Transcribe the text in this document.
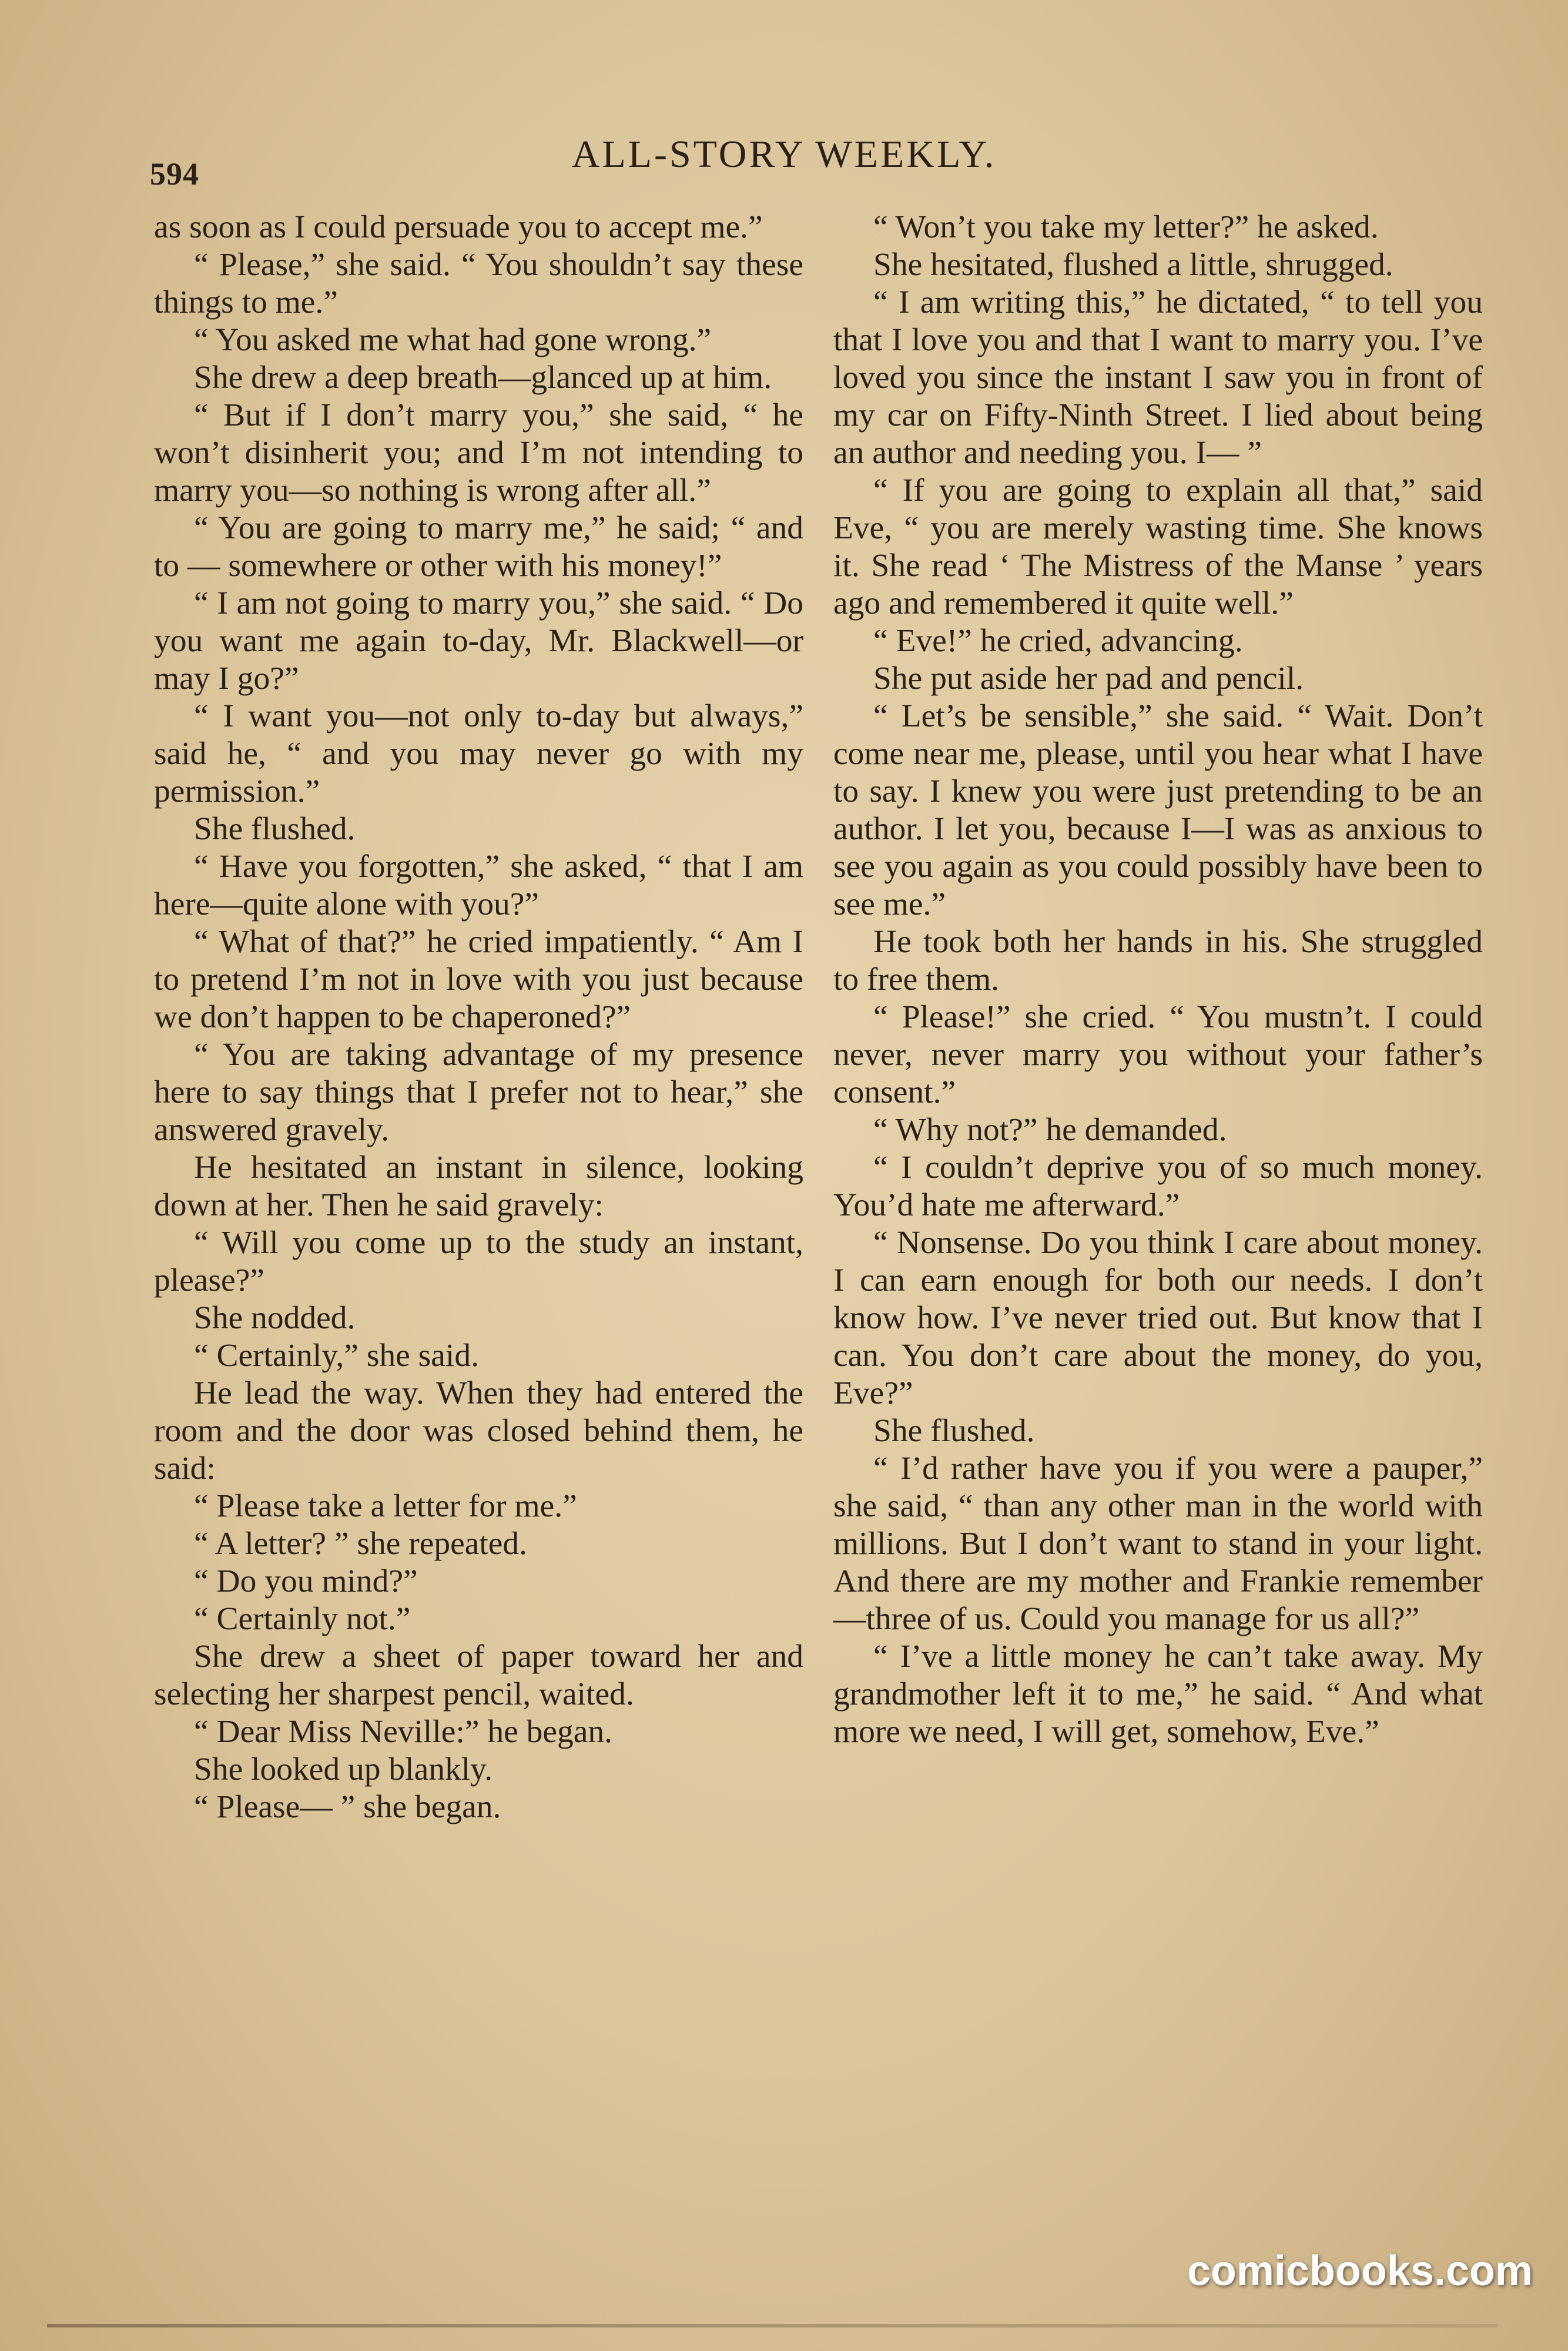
594	ALL-STORY WEEKLY.

as soon as I could persuade you to accept me.”

“ Please,” she said. “ You shouldn’t say these things to me.”

“ You asked me what had gone wrong.”

She drew a deep breath—glanced up at him.

“ But if I don’t marry you,” she said, “ he won’t disinherit you; and I’m not intending to marry you—so nothing is wrong after all.”

“ You are going to marry me,” he said; “ and to — somewhere or other with his money!”

“ I am not going to marry you,” she said. “ Do you want me again to-day, Mr. Blackwell—or may I go?”

“ I want you—not only to-day but always,” said he, “ and you may never go with my permission.”

She flushed.

“ Have you forgotten,” she asked, “ that I am here—quite alone with you?”

“ What of that?” he cried impatiently. “ Am I to pretend I’m not in love with you just because we don’t happen to be chaperoned?”

“ You are taking advantage of my presence here to say things that I prefer not to hear,” she answered gravely.

He hesitated an instant in silence, looking down at her. Then he said gravely:

“ Will you come up to the study an instant, please?”

She nodded.

“ Certainly,” she said.

He lead the way. When they had entered the room and the door was closed behind them, he said:

“ Please take a letter for me.”

“ A letter? ” she repeated.

“ Do you mind?”

“ Certainly not.”

She drew a sheet of paper toward her and selecting her sharpest pencil, waited.

“ Dear Miss Neville:” he began.

She looked up blankly.

“ Please— ” she began.

“ Won’t you take my letter?” he asked.

She hesitated, flushed a little, shrugged.

“ I am writing this,” he dictated, “ to tell you that I love you and that I want to marry you. I’ve loved you since the instant I saw you in front of my car on Fifty-Ninth Street. I lied about being an author and needing you. I— ”

“ If you are going to explain all that,” said Eve, “ you are merely wasting time. She knows it. She read ‘ The Mistress of the Manse ’ years ago and remembered it quite well.”

“ Eve!” he cried, advancing.

She put aside her pad and pencil.

“ Let’s be sensible,” she said. “ Wait. Don’t come near me, please, until you hear what I have to say. I knew you were just pretending to be an author. I let you, because I—I was as anxious to see you again as you could possibly have been to see me.”

He took both her hands in his. She struggled to free them.

“ Please!” she cried. “ You mustn’t. I could never, never marry you without your father’s consent.”

“ Why not?” he demanded.

“ I couldn’t deprive you of so much money. You’d hate me afterward.”

“ Nonsense. Do you think I care about money. I can earn enough for both our needs. I don’t know how. I’ve never tried out. But know that I can. You don’t care about the money, do you, Eve?”

She flushed.

“ I’d rather have you if you were a pauper,” she said, “ than any other man in the world with millions. But I don’t want to stand in your light. And there are my mother and Frankie remember—three of us. Could you manage for us all?”

“ I’ve a little money he can’t take away. My grandmother left it to me,” he said. “ And what more we need, I will get, somehow, Eve.”

comicbooks.com
